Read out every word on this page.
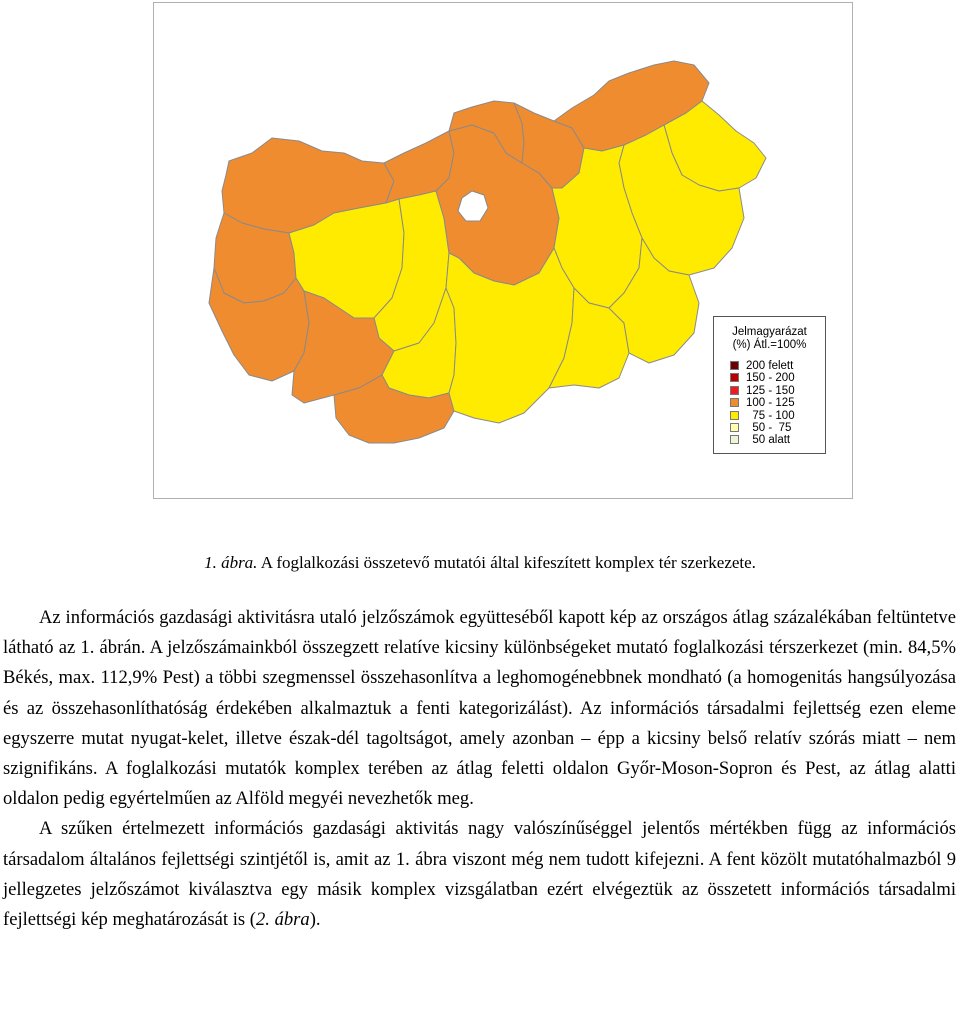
Jelmagyarázat
(%) Átl.=100%
200 felett
150 - 200
125 - 150
100 - 125
75 - 100
50 -  75
50 alatt
1. ábra. A foglalkozási összetevő mutatói által kifeszített komplex tér szerkezete.

Az információs gazdasági aktivitásra utaló jelzőszámok együtteséből kapott kép az országos átlag százalékában feltüntetve látható az 1. ábrán. A jelzőszámainkból összegzett relatíve kicsiny különbségeket mutató foglalkozási térszerkezet (min. 84,5% Békés, max. 112,9% Pest) a többi szegmenssel összehasonlítva a leghomogénebbnek mondható (a homogenitás hangsúlyozása és az összehasonlíthatóság érdekében alkalmaztuk a fenti kategorizálást). Az információs társadalmi fejlettség ezen eleme egyszerre mutat nyugat-kelet, illetve észak-dél tagoltságot, amely azonban – épp a kicsiny belső relatív szórás miatt – nem szignifikáns. A foglalkozási mutatók komplex terében az átlag feletti oldalon Győr-Moson-Sopron és Pest, az átlag alatti oldalon pedig egyértelműen az Alföld megyéi nevezhetők meg.

A szűken értelmezett információs gazdasági aktivitás nagy valószínűséggel jelentős mértékben függ az információs társadalom általános fejlettségi szintjétől is, amit az 1. ábra viszont még nem tudott kifejezni. A fent közölt mutatóhalmazból 9 jellegzetes jelzőszámot kiválasztva egy másik komplex vizsgálatban ezért elvégeztük az összetett információs társadalmi fejlettségi kép meghatározását is (2. ábra).
